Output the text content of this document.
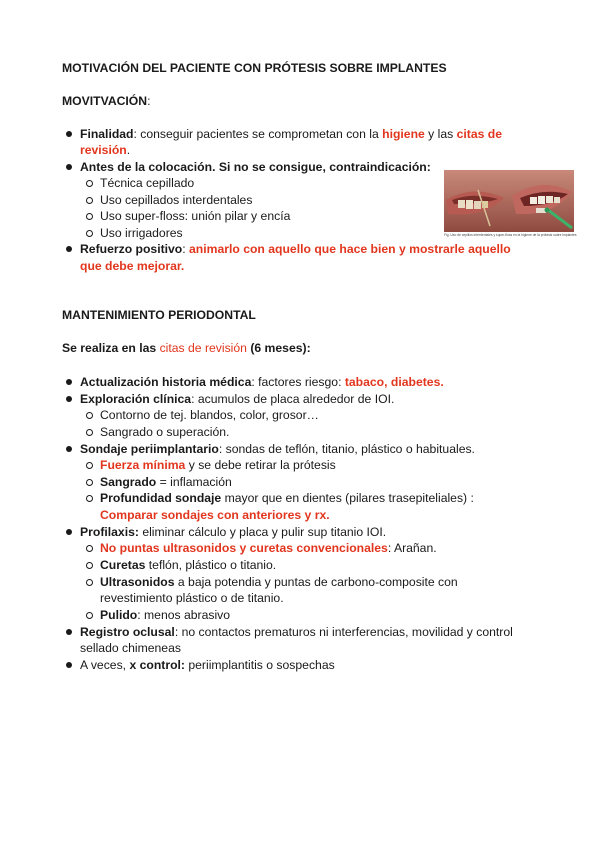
MOTIVACIÓN DEL PACIENTE CON PRÓTESIS SOBRE IMPLANTES
MOVITVACIÓN:
Finalidad: conseguir pacientes se comprometan con la higiene y las citas de
revisión.
Antes de la colocación. Si no se consigue, contraindicación:
Técnica cepillado
Uso cepillados interdentales
Uso super-floss: unión pilar y encía
Uso irrigadores	Fig. Uso de cepillos interdentales y super-floss en la higiene de la prótesis sobre implantes
Refuerzo positivo: animarlo con aquello que hace bien y mostrarle aquello
que debe mejorar.
MANTENIMIENTO PERIODONTAL
Se realiza en las citas de revisión (6 meses):
Actualización historia médica: factores riesgo: tabaco, diabetes.
Exploración clínica: acumulos de placa alrededor de IOI.
Contorno de tej. blandos, color, grosor…
Sangrado o superación.
Sondaje periimplantario: sondas de teflón, titanio, plástico o habituales.
Fuerza mínima y se debe retirar la prótesis
Sangrado = inflamación
Profundidad sondaje mayor que en dientes (pilares trasepiteliales) :
Comparar sondajes con anteriores y rx.
Profilaxis: eliminar cálculo y placa y pulir sup titanio IOI.
No puntas ultrasonidos y curetas convencionales: Arañan.
Curetas teflón, plástico o titanio.
Ultrasonidos a baja potendia y puntas de carbono-composite con
revestimiento plástico o de titanio.
Pulido: menos abrasivo
Registro oclusal: no contactos prematuros ni interferencias, movilidad y control
sellado chimeneas
A veces, x control: periimplantitis o sospechas
